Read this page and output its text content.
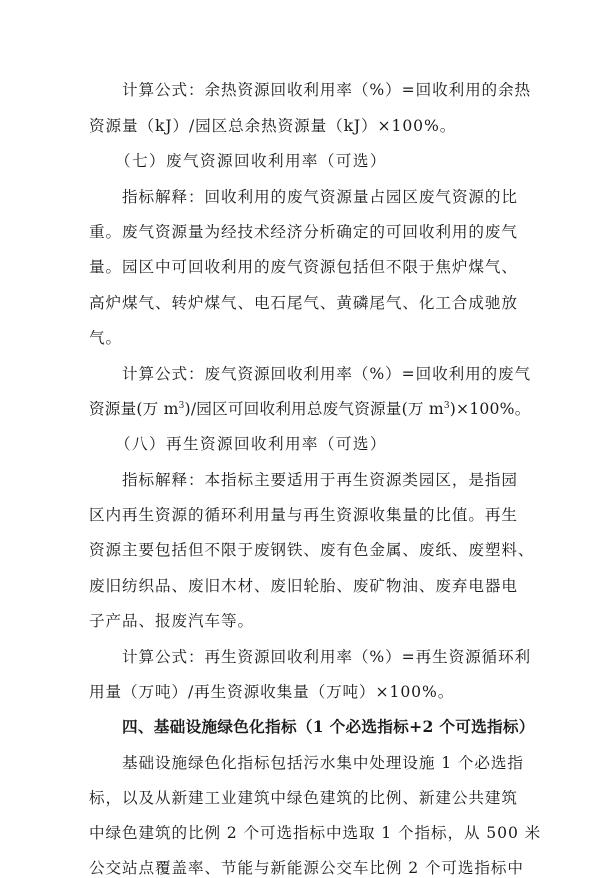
计算公式：余热资源回收利用率（%）=回收利用的余热
资源量（kJ）/园区总余热资源量（kJ）×100%。
（七）废气资源回收利用率（可选）
指标解释：回收利用的废气资源量占园区废气资源的比
重。废气资源量为经技术经济分析确定的可回收利用的废气
量。园区中可回收利用的废气资源包括但不限于焦炉煤气、
高炉煤气、转炉煤气、电石尾气、黄磷尾气、化工合成驰放
气。
计算公式：废气资源回收利用率（%）=回收利用的废气
资源量(万 $m^3)/$园区可回收利用总废气资源量(万 $m^3)\times 100\%$。
（八）再生资源回收利用率（可选）
指标解释：本指标主要适用于再生资源类园区，是指园
区内再生资源的循环利用量与再生资源收集量的比值。再生
资源主要包括但不限于废钢铁、废有色金属、废纸、废塑料、
废旧纺织品、废旧木材、废旧轮胎、废矿物油、废弃电器电
子产品、报废汽车等。
计算公式：再生资源回收利用率（%）=再生资源循环利
用量（万吨）/再生资源收集量（万吨）×100%。
四、基础设施绿色化指标（1 个必选指标+2 个可选指标）
基础设施绿色化指标包括污水集中处理设施 1 个必选指
标，以及从新建工业建筑中绿色建筑的比例、新建公共建筑
中绿色建筑的比例 2 个可选指标中选取 1 个指标，从 500 米
公交站点覆盖率、节能与新能源公交车比例 2 个可选指标中
